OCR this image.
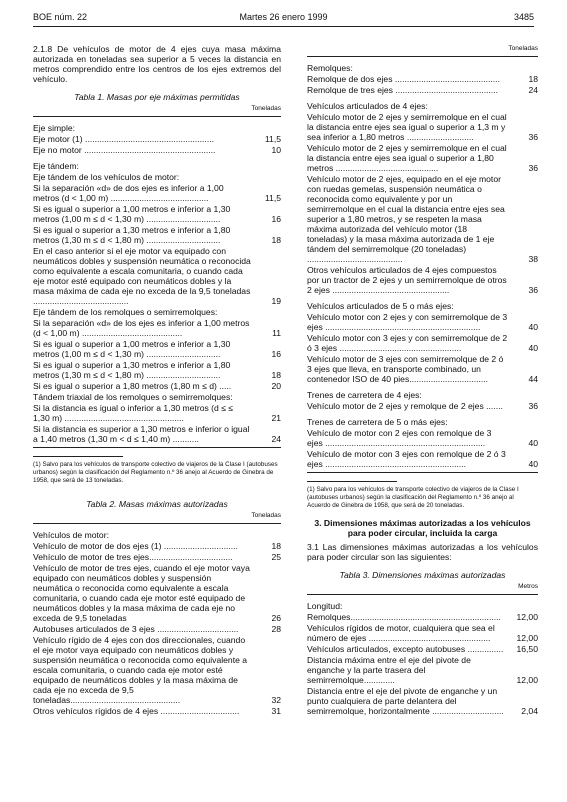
BOE núm. 22	Martes 26 enero 1999	3485

2.1.8 De vehículos de motor de 4 ejes cuya masa máxima autorizada en toneladas sea superior a 5 veces la distancia en metros comprendido entre los centros de los ejes extremos del vehículo.

Tabla 1. Masas por eje máximas permitidas
Toneladas
Eje simple:
Eje motor (1) ......................................................	11,5
Eje no motor .......................................................	10
Eje tándem:
Eje tándem de los vehículos de motor:
Si la separación «d» de dos ejes es inferior a 1,00 metros (d < 1,00 m) .........................................	11,5
Si es igual o superior a 1,00 metros e inferior a 1,30 metros (1,00 m ≤ d < 1,30 m) ...............................	16
Si es igual o superior a 1,30 metros e inferior a 1,80 metros (1,30 m ≤ d < 1,80 m) ...............................	18
En el caso anterior si el eje motor va equipado con neumáticos dobles y suspensión neumática o reconocida como equivalente a escala comunitaria, o cuando cada eje motor esté equipado con neumáticos dobles y la masa máxima de cada eje no exceda de la 9,5 toneladas ........................................	19
Eje tándem de los remolques o semirremolques:
Si la separación «d» de los ejes es inferior a 1,00 metros (d < 1,00 m) ..........................................	11
Si es igual o superior a 1,00 metros e inferior a 1,30 metros (1,00 m ≤ d < 1,30 m) ...............................	16
Si es igual o superior a 1,30 metros e inferior a 1,80 metros (1,30 m ≤ d < 1,80 m) ...............................	18
Si es igual o superior a 1,80 metros (1,80 m ≤ d) .....	20
Tándem triaxial de los remolques o semirremolques:
Si la distancia es igual o inferior a 1,30 metros (d ≤ ≤ 1,30 m) ..................................................	21
Si la distancia es superior a 1,30 metros e inferior o igual a 1,40 metros (1,30 m < d ≤ 1,40 m) ...........	24

(1) Salvo para los vehículos de transporte colectivo de viajeros de la Clase I (autobuses urbanos) según la clasificación del Reglamento n.º 36 anejo al Acuerdo de Ginebra de 1958, que será de 13 toneladas.

Tabla 2. Masas máximas autorizadas
Toneladas
Vehículos de motor:
Vehículo de motor de dos ejes (1) ...............................	18
Vehículo de motor de tres ejes...................................	25
Vehículo de motor de tres ejes, cuando el eje motor vaya equipado con neumáticos dobles y suspensión neumática o reconocida como equivalente a escala comunitaria, o cuando cada eje motor esté equipado de neumáticos dobles y la masa máxima de cada eje no exceda de 9,5 toneladas	26
Autobuses articulados de 3 ejes ..................................	28
Vehículo rígido de 4 ejes con dos direccionales, cuando el eje motor vaya equipado con neumáticos dobles y suspensión neumática o reconocida como equivalente a escala comunitaria, o cuando cada eje motor esté equipado de neumáticos dobles y la masa máxima de cada eje no exceda de 9,5 toneladas..............................................	32
Otros vehículos rígidos de 4 ejes .................................	31
Toneladas
Remolques:
Remolque de dos ejes ............................................	18
Remolque de tres ejes ...........................................	24
Vehículos articulados de 4 ejes:
Vehículo motor de 2 ejes y semirremolque en el cual la distancia entre ejes sea igual o superior a 1,3 m y sea inferior a 1,80 metros ............................	36
Vehículo motor de 2 ejes y semirremolque en el cual la distancia entre ejes sea igual o superior a 1,80 metros ...........................................	36
Vehículo motor de 2 ejes, equipado en el eje motor con ruedas gemelas, suspensión neumática o reconocida como equivalente y por un semirremolque en el cual la distancia entre ejes sea superior a 1,80 metros, y se respeten la masa máxima autorizada del vehículo motor (18 toneladas) y la masa máxima autorizada de 1 eje tándem del semirremolque (20 toneladas) ........................................	38
Otros vehículos articulados de 4 ejes compuestos por un tractor de 2 ejes y un semirremolque de otros 2 ejes .................................................	36
Vehículos articulados de 5 o más ejes:
Vehículo motor con 2 ejes y con semirremolque de 3 ejes .................................................................	40
Vehículo motor con 3 ejes y con semirremolque de 2 ó 3 ejes ...................................................	40
Vehículo motor de 3 ejes con semirremolque de 2 ó 3 ejes que lleva, en transporte combinado, un contenedor ISO de 40 pies.................................	44
Trenes de carretera de 4 ejes:
Vehículo motor de 2 ejes y remolque de 2 ejes .......	36
Trenes de carretera de 5 o más ejes:
Vehículo de motor con 2 ejes con remolque de 3 ejes ...................................................................	40
Vehículo de motor con 3 ejes con remolque de 2 ó 3 ejes ...........................................................	40

(1) Salvo para los vehículos de transporte colectivo de viajeros de la Clase I (autobuses urbanos) según la clasificación del Reglamento n.º 36 anejo al Acuerdo de Ginebra de 1958, que será de 20 toneladas.

3. Dimensiones máximas autorizadas a los vehículos para poder circular, incluida la carga

3.1 Las dimensiones máximas autorizadas a los vehículos para poder circular son las siguientes:

Tabla 3. Dimensiones máximas autorizadas
Metros
Longitud:
Remolques...............................................................	12,00
Vehículos rígidos de motor, cualquiera que sea el número de ejes ...................................................	12,00
Vehículos articulados, excepto autobuses ...............	16,50
Distancia máxima entre el eje del pivote de enganche y la parte trasera del semirremolque.............	12,00
Distancia entre el eje del pivote de enganche y un punto cualquiera de parte delantera del semirremolque, horizontalmente ..............................	2,04
